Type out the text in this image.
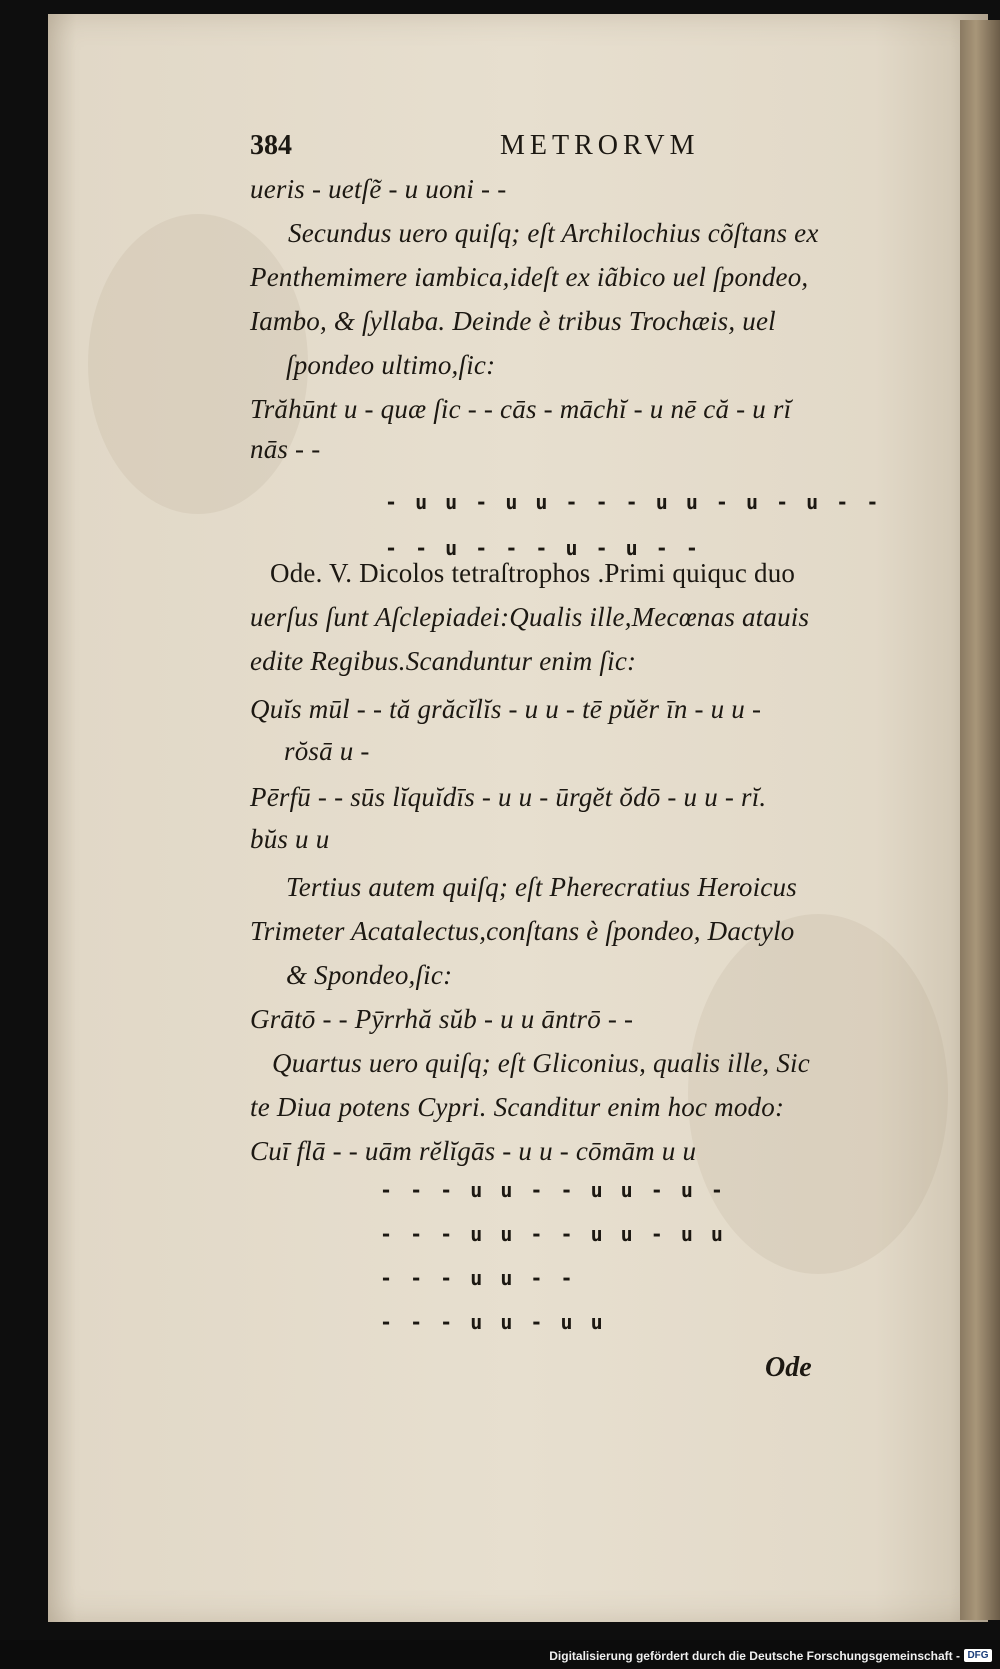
384	METRORVM
ueris - uetſẽ - u uoni - -
Secundus uero quiſq; eſt Archilochius cõſtans ex
Penthemimere iambica,ideſt ex iãbico uel ſpondeo,
Iambo, & ſyllaba. Deinde è tribus Trochæis, uel
ſpondeo ultimo,ſic:
Trăhūnt u - quæ ſic - - cās - māchĭ - u nē că - u rĭ
nās - -
Ode. V. Dicolos tetraſtrophos .Primi quiquc duo
uerſus ſunt Aſclepiadei:Qualis ille,Mecœnas atauis
edite Regibus.Scanduntur enim ſic:
Quĭs mūl - - tă grăcĭlĭs - u u - tē pŭĕr īn - u u -
rŏsā u -
Pērfū - - sūs lĭquĭdīs - u u - ūrgĕt ŏdō - u u - rĭ.
bŭs u u
Tertius autem quiſq; eſt Pherecratius Heroicus
Trimeter Acatalectus,conſtans è ſpondeo, Dactylo
& Spondeo,ſic:
Grātō - - Pȳrrhă sŭb - u u āntrō - -
Quartus uero quiſq; eſt Gliconius, qualis ille, Sic
te Diua potens Cypri. Scanditur enim hoc modo:
Cuī flā - - uām rĕlĭgās - u u - cōmām u u
- u u - u u - - - u u - u - u - -
- - u - - - u - u - -
- - - u u - - u u - u -
- - - u u - - u u - u u
- - - u u - -
- - - u u - u u
Ode
Digitalisierung gefördert durch die Deutsche Forschungsgemeinschaft - DFG
